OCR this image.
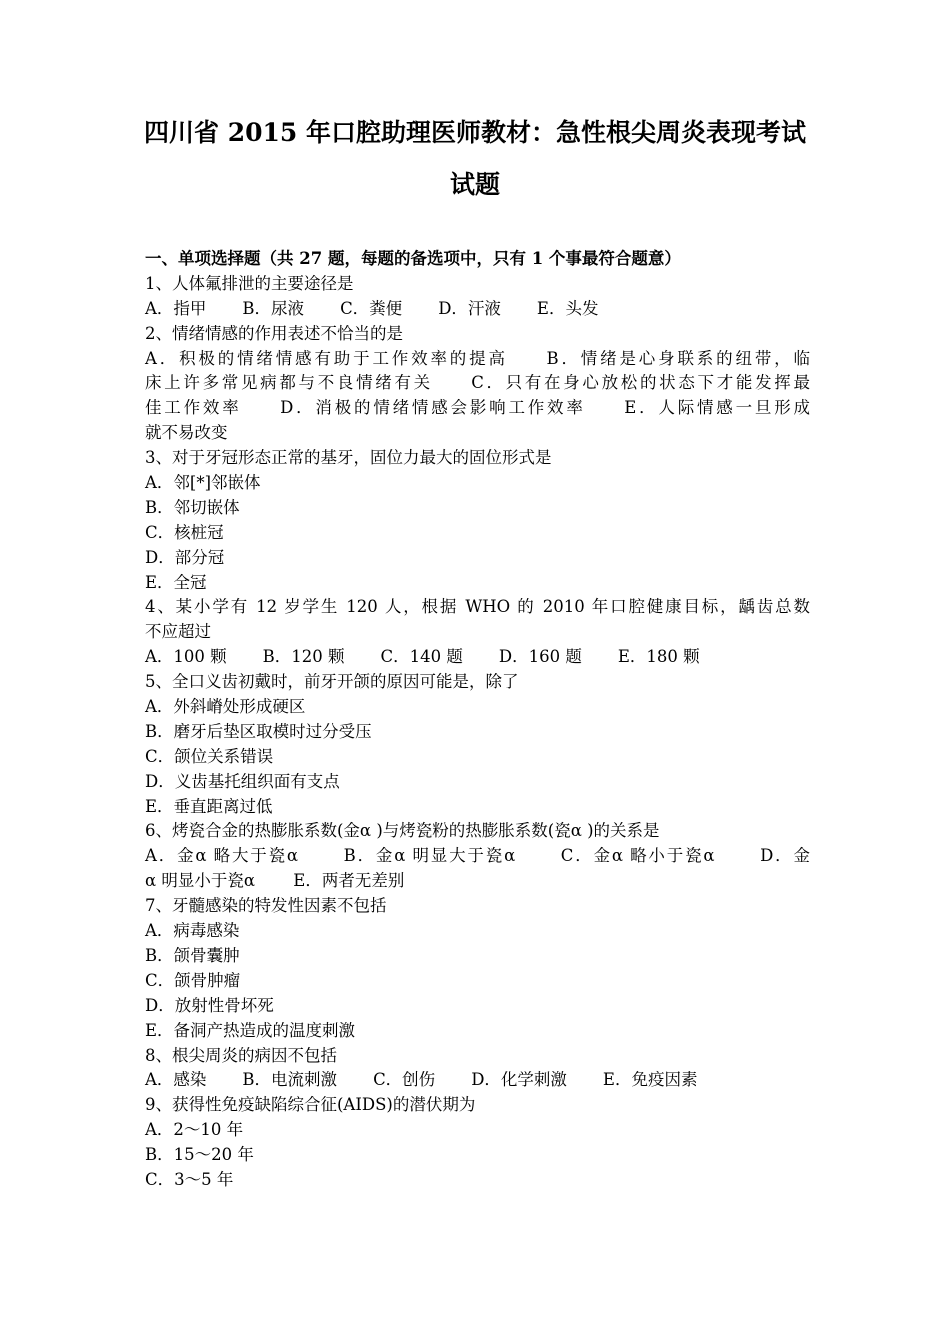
四川省 2015 年口腔助理医师教材：急性根尖周炎表现考试
试题
一、单项选择题（共 27 题，每题的备选项中，只有 1 个事最符合题意）
1、人体氟排泄的主要途径是
A．指甲 B．尿液 C．粪便 D．汗液 E．头发
2、情绪情感的作用表述不恰当的是
A．积极的情绪情感有助于工作效率的提高　　B．情绪是心身联系的纽带，临
床上许多常见病都与不良情绪有关　　C．只有在身心放松的状态下才能发挥最
佳工作效率　　D．消极的情绪情感会影响工作效率　　E．人际情感一旦形成
就不易改变
3、对于牙冠形态正常的基牙，固位力最大的固位形式是
A．邻[*]邻嵌体
B．邻切嵌体
C．核桩冠
D．部分冠
E．全冠
4、某小学有 12 岁学生 120 人，根据 WHO 的 2010 年口腔健康目标，龋齿总数
不应超过
A．100 颗 B．120 颗 C．140 题 D．160 题 E．180 颗
5、全口义齿初戴时，前牙开颌的原因可能是，除了
A．外斜嵴处形成硬区
B．磨牙后垫区取模时过分受压
C．颌位关系错误
D．义齿基托组织面有支点
E．垂直距离过低
6、烤瓷合金的热膨胀系数(金α )与烤瓷粉的热膨胀系数(瓷α )的关系是
A．金α 略大于瓷α　　 B．金α 明显大于瓷α　　 C．金α 略小于瓷α　　 D．金
α 明显小于瓷α　　 E．两者无差别
7、牙髓感染的特发性因素不包括
A．病毒感染
B．颌骨囊肿
C．颌骨肿瘤
D．放射性骨坏死
E．备洞产热造成的温度刺激
8、根尖周炎的病因不包括
A．感染 B．电流刺激 C．创伤 D．化学刺激 E．免疫因素
9、获得性免疫缺陷综合征(AIDS)的潜伏期为
A．2～10 年
B．15～20 年
C．3～5 年
